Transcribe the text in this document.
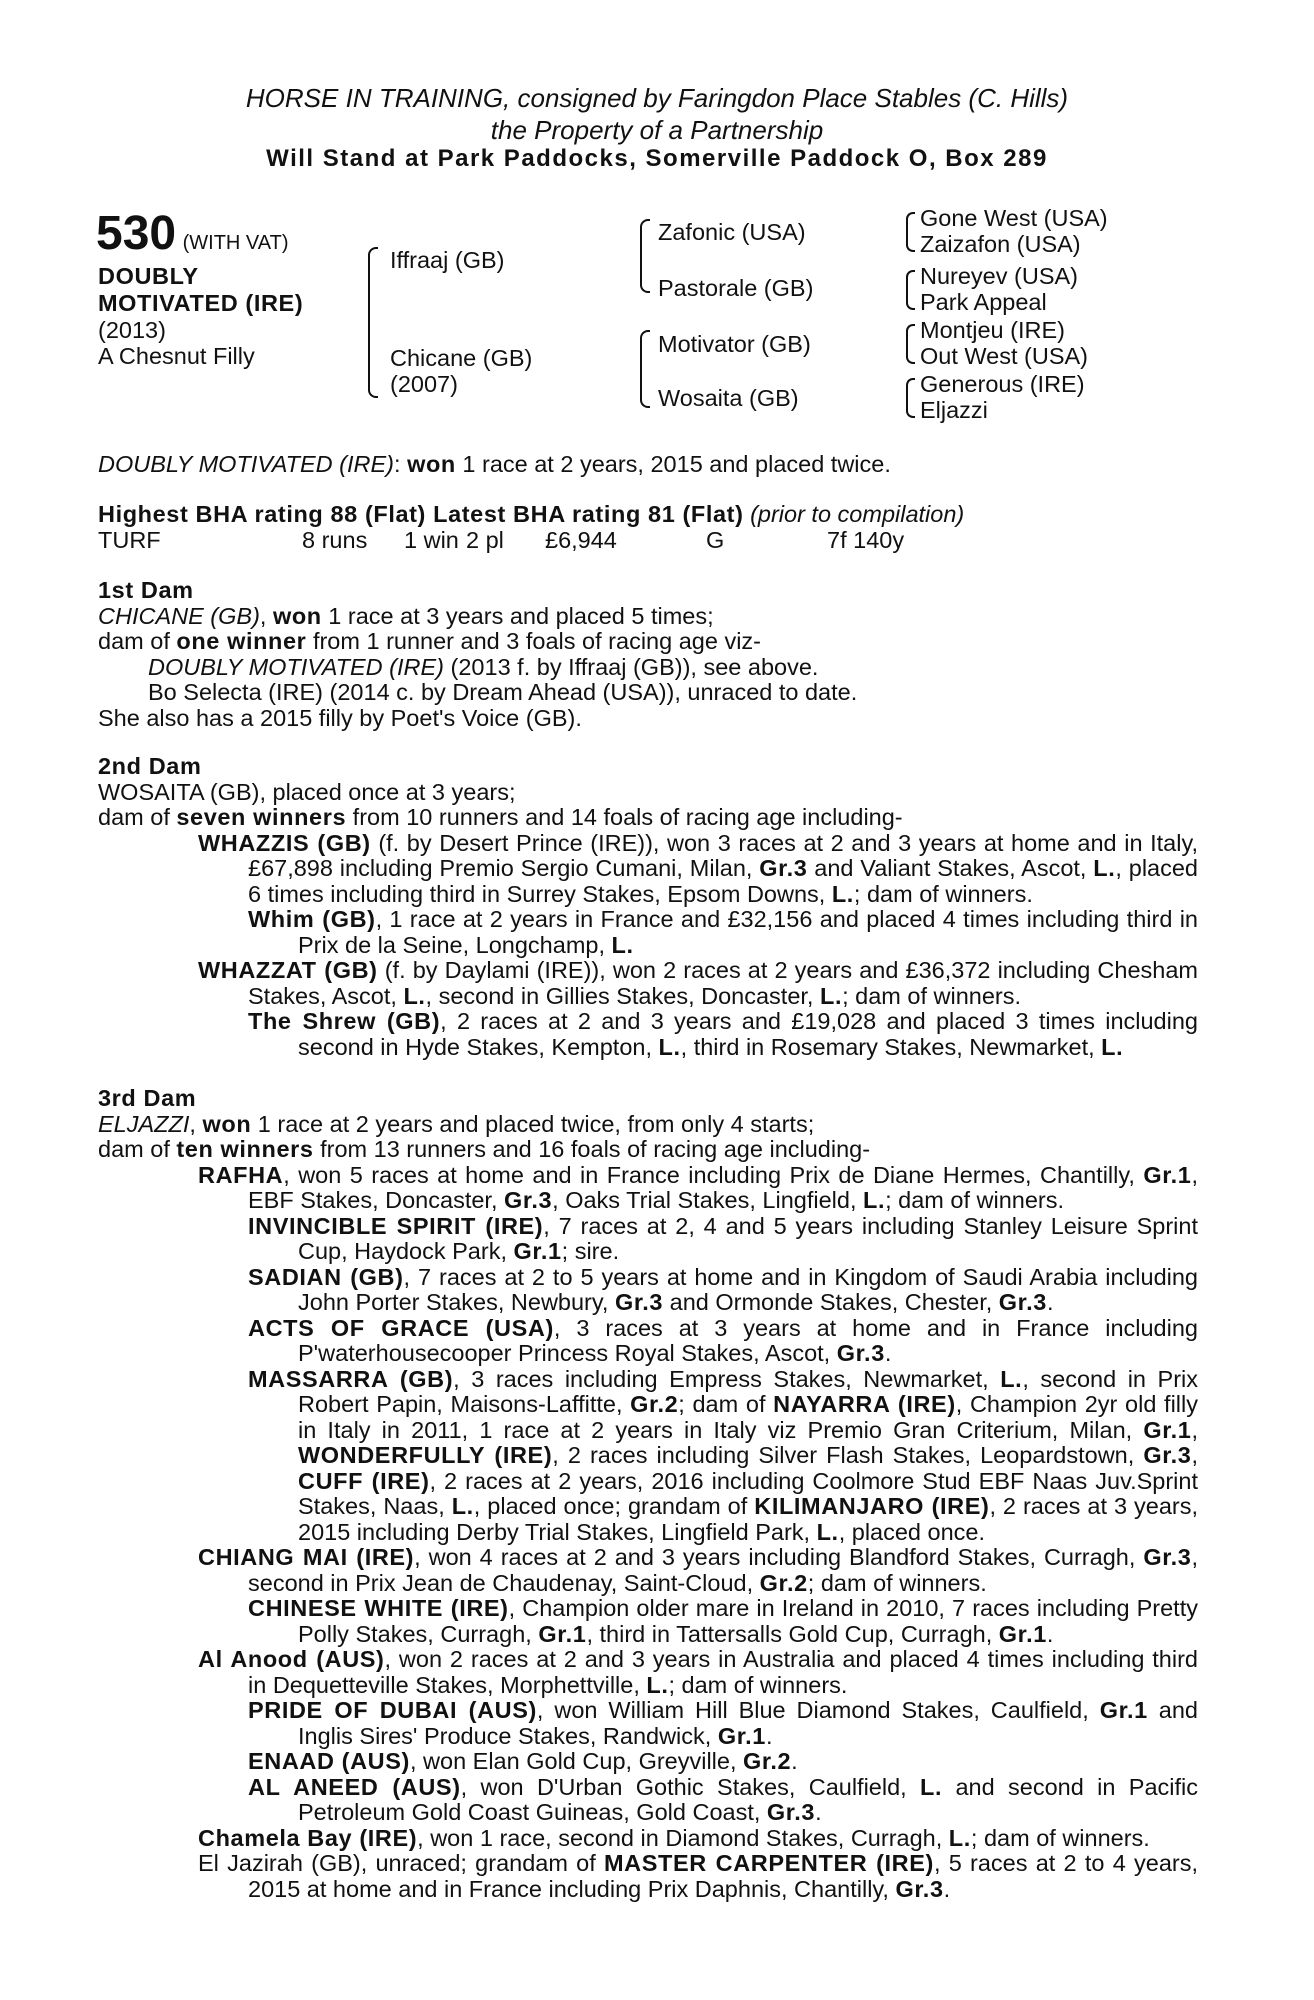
HORSE IN TRAINING, consigned by Faringdon Place Stables (C. Hills)
the Property of a Partnership
Will Stand at Park Paddocks, Somerville Paddock O, Box 289
530 (WITH VAT)
DOUBLY
MOTIVATED (IRE)
(2013)
A Chesnut Filly
Iffraaj (GB)
Chicane (GB)
(2007)
Zafonic (USA)
Pastorale (GB)
Motivator (GB)
Wosaita (GB)
Gone West (USA)
Zaizafon (USA)
Nureyev (USA)
Park Appeal
Montjeu (IRE)
Out West (USA)
Generous (IRE)
Eljazzi
DOUBLY MOTIVATED (IRE): won 1 race at 2 years, 2015 and placed twice.
Highest BHA rating 88 (Flat) Latest BHA rating 81 (Flat) (prior to compilation)
TURF	8 runs 1 win 2 pl £6,944	G	7f 140y

1st Dam

CHICANE (GB), won 1 race at 3 years and placed 5 times;

dam of one winner from 1 runner and 3 foals of racing age viz-

DOUBLY MOTIVATED (IRE) (2013 f. by Iffraaj (GB)), see above.

Bo Selecta (IRE) (2014 c. by Dream Ahead (USA)), unraced to date.

She also has a 2015 filly by Poet's Voice (GB).

2nd Dam

WOSAITA (GB), placed once at 3 years;

dam of seven winners from 10 runners and 14 foals of racing age including-

WHAZZIS (GB) (f. by Desert Prince (IRE)), won 3 races at 2 and 3 years at home and in Italy, £67,898 including Premio Sergio Cumani, Milan, Gr.3 and Valiant Stakes, Ascot, L., placed 6 times including third in Surrey Stakes, Epsom Downs, L.; dam of winners.

Whim (GB), 1 race at 2 years in France and £32,156 and placed 4 times including third in Prix de la Seine, Longchamp, L.

WHAZZAT (GB) (f. by Daylami (IRE)), won 2 races at 2 years and £36,372 including Chesham Stakes, Ascot, L., second in Gillies Stakes, Doncaster, L.; dam of winners.

The Shrew (GB), 2 races at 2 and 3 years and £19,028 and placed 3 times including second in Hyde Stakes, Kempton, L., third in Rosemary Stakes, Newmarket, L.

3rd Dam

ELJAZZI, won 1 race at 2 years and placed twice, from only 4 starts;

dam of ten winners from 13 runners and 16 foals of racing age including-

RAFHA, won 5 races at home and in France including Prix de Diane Hermes, Chantilly, Gr.1, EBF Stakes, Doncaster, Gr.3, Oaks Trial Stakes, Lingfield, L.; dam of winners.

INVINCIBLE SPIRIT (IRE), 7 races at 2, 4 and 5 years including Stanley Leisure Sprint Cup, Haydock Park, Gr.1; sire.

SADIAN (GB), 7 races at 2 to 5 years at home and in Kingdom of Saudi Arabia including John Porter Stakes, Newbury, Gr.3 and Ormonde Stakes, Chester, Gr.3.

ACTS OF GRACE (USA), 3 races at 3 years at home and in France including P'waterhousecooper Princess Royal Stakes, Ascot, Gr.3.

MASSARRA (GB), 3 races including Empress Stakes, Newmarket, L., second in Prix Robert Papin, Maisons-Laffitte, Gr.2; dam of NAYARRA (IRE), Champion 2yr old filly in Italy in 2011, 1 race at 2 years in Italy viz Premio Gran Criterium, Milan, Gr.1, WONDERFULLY (IRE), 2 races including Silver Flash Stakes, Leopardstown, Gr.3, CUFF (IRE), 2 races at 2 years, 2016 including Coolmore Stud EBF Naas Juv.Sprint Stakes, Naas, L., placed once; grandam of KILIMANJARO (IRE), 2 races at 3 years, 2015 including Derby Trial Stakes, Lingfield Park, L., placed once.

CHIANG MAI (IRE), won 4 races at 2 and 3 years including Blandford Stakes, Curragh, Gr.3, second in Prix Jean de Chaudenay, Saint-Cloud, Gr.2; dam of winners.

CHINESE WHITE (IRE), Champion older mare in Ireland in 2010, 7 races including Pretty Polly Stakes, Curragh, Gr.1, third in Tattersalls Gold Cup, Curragh, Gr.1.

Al Anood (AUS), won 2 races at 2 and 3 years in Australia and placed 4 times including third in Dequetteville Stakes, Morphettville, L.; dam of winners.

PRIDE OF DUBAI (AUS), won William Hill Blue Diamond Stakes, Caulfield, Gr.1 and Inglis Sires' Produce Stakes, Randwick, Gr.1.

ENAAD (AUS), won Elan Gold Cup, Greyville, Gr.2.

AL ANEED (AUS), won D'Urban Gothic Stakes, Caulfield, L. and second in Pacific Petroleum Gold Coast Guineas, Gold Coast, Gr.3.

Chamela Bay (IRE), won 1 race, second in Diamond Stakes, Curragh, L.; dam of winners.

El Jazirah (GB), unraced; grandam of MASTER CARPENTER (IRE), 5 races at 2 to 4 years, 2015 at home and in France including Prix Daphnis, Chantilly, Gr.3.
